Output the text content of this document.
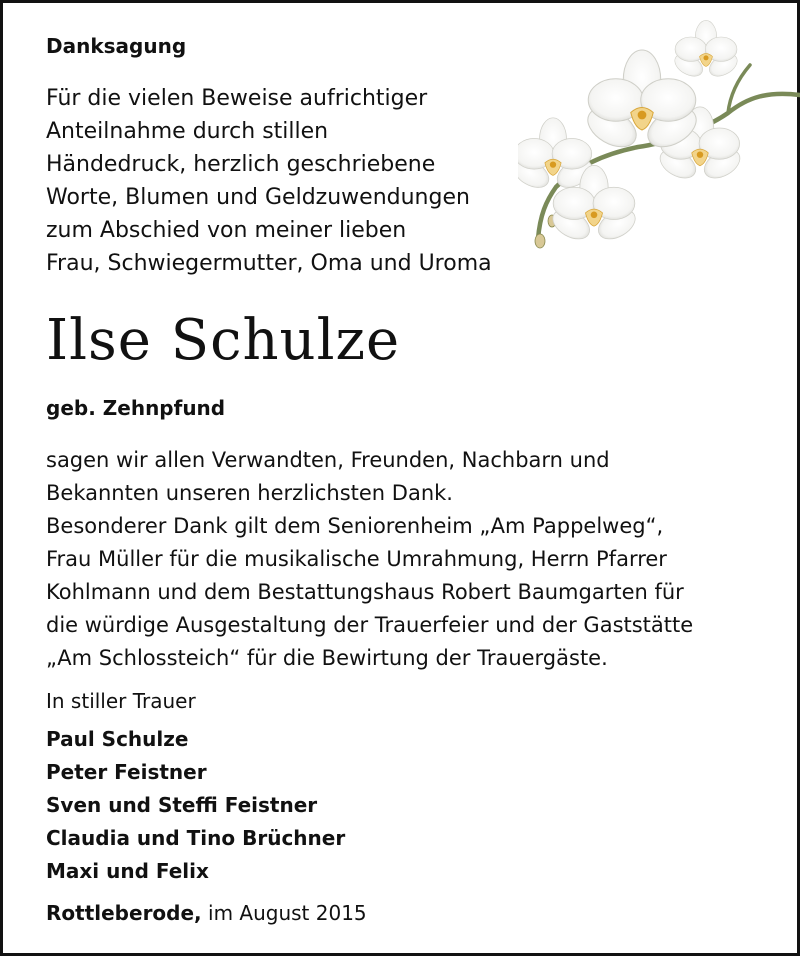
Danksagung
Für die vielen Beweise aufrichtiger
Anteilnahme durch stillen
Händedruck, herzlich geschriebene
Worte, Blumen und Geldzuwendungen
zum Abschied von meiner lieben
Frau, Schwiegermutter, Oma und Uroma
Ilse Schulze
geb. Zehnpfund
sagen wir allen Verwandten, Freunden, Nachbarn und
Bekannten unseren herzlichsten Dank.
Besonderer Dank gilt dem Seniorenheim „Am Pappelweg“,
Frau Müller für die musikalische Umrahmung, Herrn Pfarrer
Kohlmann und dem Bestattungshaus Robert Baumgarten für
die würdige Ausgestaltung der Trauerfeier und der Gaststätte
„Am Schlossteich“ für die Bewirtung der Trauergäste.
In stiller Trauer
Paul Schulze
Peter Feistner
Sven und Steffi Feistner
Claudia und Tino Brüchner
Maxi und Felix
Rottleberode, im August 2015
